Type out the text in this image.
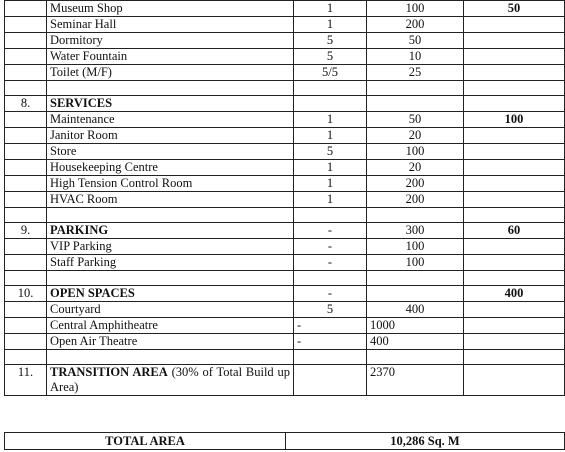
	Museum Shop	1	100	50
	Seminar Hall	1	200	
	Dormitory	5	50	
	Water Fountain	5	10	
	Toilet (M/F)	5/5	25	

8.	SERVICES			
	Maintenance	1	50	100
	Janitor Room	1	20	
	Store	5	100	
	Housekeeping Centre	1	20	
	High Tension Control Room	1	200	
	HVAC Room	1	200	

9.	PARKING	-	300	60
	VIP Parking	-	100	
	Staff Parking	-	100	

10.	OPEN SPACES	-		400
	Courtyard	5	400	
	Central Amphitheatre	-	1000	
	Open Air Theatre	-	400	

11.	TRANSITION AREA (30% of Total Build up Area)		2370	
TOTAL AREA	10,286 Sq. M
